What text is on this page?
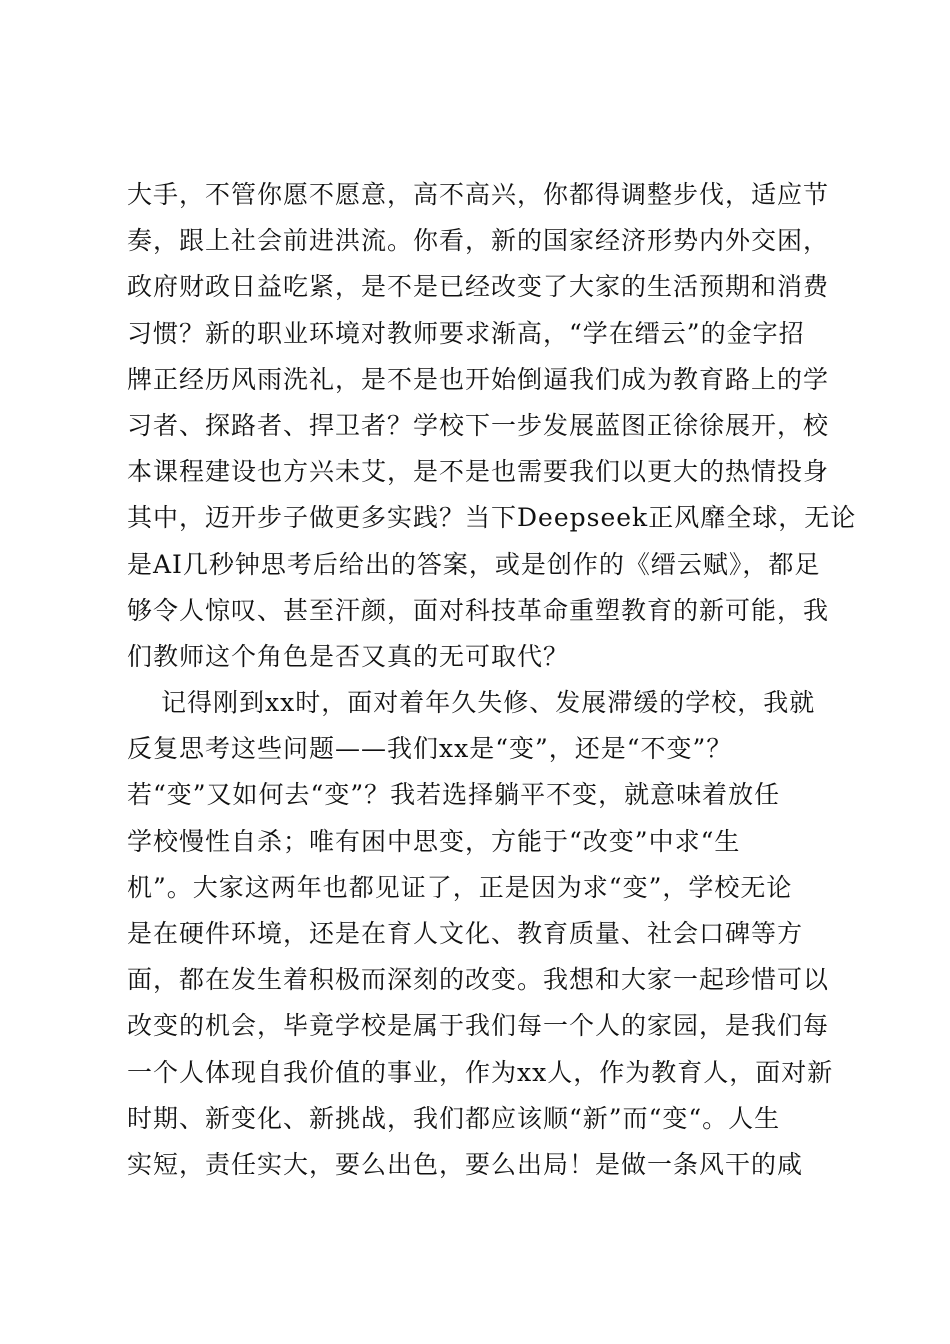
大手，不管你愿不愿意，高不高兴，你都得调整步伐，适应节
奏，跟上社会前进洪流。你看，新的国家经济形势内外交困，
政府财政日益吃紧，是不是已经改变了大家的生活预期和消费
习惯？新的职业环境对教师要求渐高，“学在缙云”的金字招
牌正经历风雨洗礼，是不是也开始倒逼我们成为教育路上的学
习者、探路者、捍卫者？学校下一步发展蓝图正徐徐展开，校
本课程建设也方兴未艾，是不是也需要我们以更大的热情投身
其中，迈开步子做更多实践？当下Deepseek正风靡全球，无论
是AI几秒钟思考后给出的答案，或是创作的《缙云赋》，都足
够令人惊叹、甚至汗颜，面对科技革命重塑教育的新可能，我
们教师这个角色是否又真的无可取代？
记得刚到xx时，面对着年久失修、发展滞缓的学校，我就
反复思考这些问题——我们xx是“变”，还是“不变”？
若“变”又如何去“变”？我若选择躺平不变，就意味着放任
学校慢性自杀；唯有困中思变，方能于“改变”中求“生
机”。大家这两年也都见证了，正是因为求“变”，学校无论
是在硬件环境，还是在育人文化、教育质量、社会口碑等方
面，都在发生着积极而深刻的改变。我想和大家一起珍惜可以
改变的机会，毕竟学校是属于我们每一个人的家园，是我们每
一个人体现自我价值的事业，作为xx人，作为教育人，面对新
时期、新变化、新挑战，我们都应该顺“新”而“变“。人生
实短，责任实大，要么出色，要么出局！是做一条风干的咸
